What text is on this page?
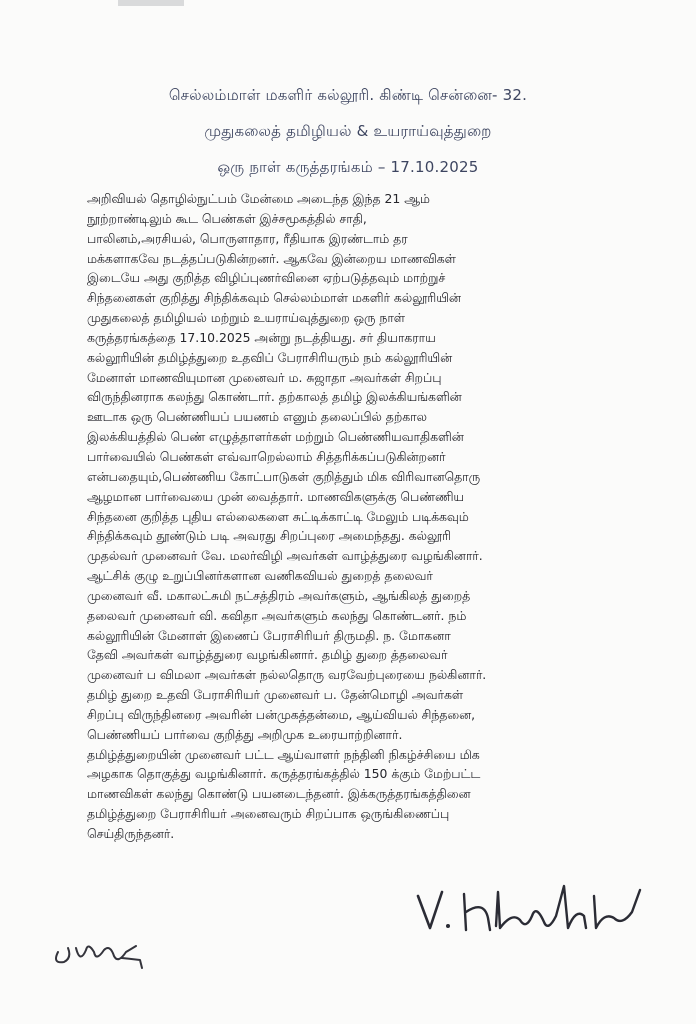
செல்லம்மாள் மகளிர் கல்லூரி. கிண்டி சென்னை- 32.
முதுகலைத் தமிழியல் & உயராய்வுத்துறை
ஒரு நாள் கருத்தரங்கம் – 17.10.2025
அறிவியல் தொழில்நுட்பம் மேன்மை அடைந்த இந்த 21 ஆம்
நூற்றாண்டிலும் கூட பெண்கள் இச்சமூகத்தில் சாதி,
பாலினம்,அரசியல், பொருளாதார, ரீதியாக இரண்டாம் தர
மக்களாகவே நடத்தப்படுகின்றனர். ஆகவே இன்றைய மாணவிகள்
இடையே அது குறித்த விழிப்புணர்வினை ஏற்படுத்தவும் மாற்றுச்
சிந்தனைகள் குறித்து சிந்திக்கவும் செல்லம்மாள் மகளிர் கல்லூரியின்
முதுகலைத் தமிழியல் மற்றும் உயராய்வுத்துறை ஒரு நாள்
கருத்தரங்கத்தை 17.10.2025 அன்று நடத்தியது. சர் தியாகராய
கல்லூரியின் தமிழ்த்துறை உதவிப் பேராசிரியரும் நம் கல்லூரியின்
மேனாள் மாணவியுமான முனைவர் ம. சுஜாதா அவர்கள் சிறப்பு
விருந்தினராக கலந்து கொண்டார். தற்காலத் தமிழ் இலக்கியங்களின்
ஊடாக ஒரு பெண்ணியப் பயணம் எனும் தலைப்பில் தற்கால
இலக்கியத்தில் பெண் எழுத்தாளர்கள் மற்றும் பெண்ணியவாதிகளின்
பார்வையில் பெண்கள் எவ்வாறெல்லாம் சித்தரிக்கப்படுகின்றனர்
என்பதையும்,பெண்ணிய கோட்பாடுகள் குறித்தும் மிக விரிவானதொரு
ஆழமான பார்வையை முன் வைத்தார். மாணவிகளுக்கு பெண்ணிய
சிந்தனை குறித்த புதிய எல்லைகளை சுட்டிக்காட்டி மேலும் படிக்கவும்
சிந்திக்கவும் தூண்டும் படி அவரது சிறப்புரை அமைந்தது. கல்லூரி
முதல்வர் முனைவர் வே. மலர்விழி அவர்கள் வாழ்த்துரை வழங்கினார்.
ஆட்சிக் குழு உறுப்பினர்களான வணிகவியல் துறைத் தலைவர்
முனைவர் வீ. மகாலட்சுமி நட்சத்திரம் அவர்களும், ஆங்கிலத் துறைத்
தலைவர் முனைவர் வி. கவிதா அவர்களும் கலந்து கொண்டனர். நம்
கல்லூரியின் மேனாள் இணைப் பேராசிரியர் திருமதி. ந. மோகனா
தேவி அவர்கள் வாழ்த்துரை வழங்கினார். தமிழ் துறை த்தலைவர்
முனைவர் ப விமலா அவர்கள் நல்லதொரு வரவேற்புரையை நல்கினார்.
தமிழ் துறை உதவி பேராசிரியர் முனைவர் ப. தேன்மொழி அவர்கள்
சிறப்பு விருந்தினரை அவரின் பன்முகத்தன்மை, ஆய்வியல் சிந்தனை,
பெண்ணியப் பார்வை குறித்து அறிமுக உரையாற்றினார்.
தமிழ்த்துறையின் முனைவர் பட்ட ஆய்வாளர் நந்தினி நிகழ்ச்சியை மிக
அழகாக தொகுத்து வழங்கினார். கருத்தரங்கத்தில் 150 க்கும் மேற்பட்ட
மாணவிகள் கலந்து கொண்டு பயனடைந்தனர். இக்கருத்தரங்கத்தினை
தமிழ்த்துறை பேராசிரியர் அனைவரும் சிறப்பாக ஒருங்கிணைப்பு
செய்திருந்தனர்.
